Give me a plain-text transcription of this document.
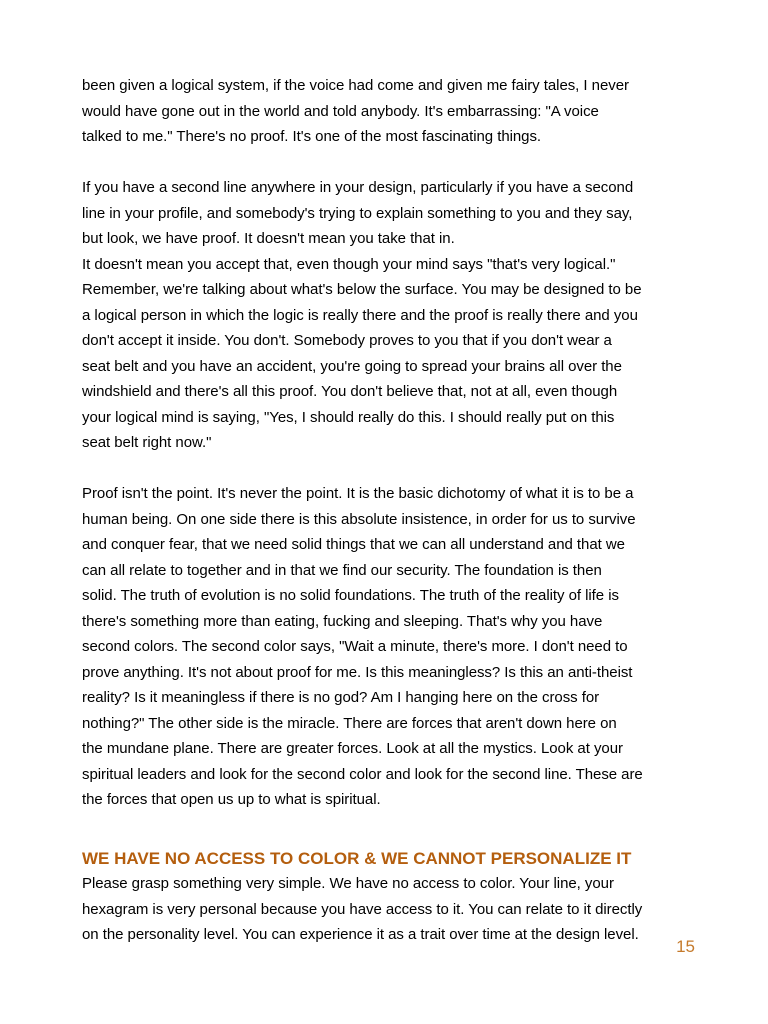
been given a logical system, if the voice had come and given me fairy tales, I never
would have gone out in the world and told anybody. It's embarrassing: "A voice
talked to me." There's no proof. It's one of the most fascinating things.

If you have a second line anywhere in your design, particularly if you have a second
line in your profile, and somebody's trying to explain something to you and they say,
but look, we have proof. It doesn't mean you take that in.
It doesn't mean you accept that, even though your mind says "that's very logical."
Remember, we're talking about what's below the surface. You may be designed to be
a logical person in which the logic is really there and the proof is really there and you
don't accept it inside. You don't. Somebody proves to you that if you don't wear a
seat belt and you have an accident, you're going to spread your brains all over the
windshield and there's all this proof. You don't believe that, not at all, even though
your logical mind is saying, "Yes, I should really do this. I should really put on this
seat belt right now."

Proof isn't the point. It's never the point. It is the basic dichotomy of what it is to be a
human being. On one side there is this absolute insistence, in order for us to survive
and conquer fear, that we need solid things that we can all understand and that we
can all relate to together and in that we find our security. The foundation is then
solid. The truth of evolution is no solid foundations. The truth of the reality of life is
there's something more than eating, fucking and sleeping. That's why you have
second colors. The second color says, "Wait a minute, there's more. I don't need to
prove anything. It's not about proof for me. Is this meaningless? Is this an anti-theist
reality? Is it meaningless if there is no god? Am I hanging here on the cross for
nothing?" The other side is the miracle. There are forces that aren't down here on
the mundane plane. There are greater forces. Look at all the mystics. Look at your
spiritual leaders and look for the second color and look for the second line. These are
the forces that open us up to what is spiritual.

WE HAVE NO ACCESS TO COLOR & WE CANNOT PERSONALIZE IT

Please grasp something very simple. We have no access to color. Your line, your
hexagram is very personal because you have access to it. You can relate to it directly
on the personality level. You can experience it as a trait over time at the design level.

15
